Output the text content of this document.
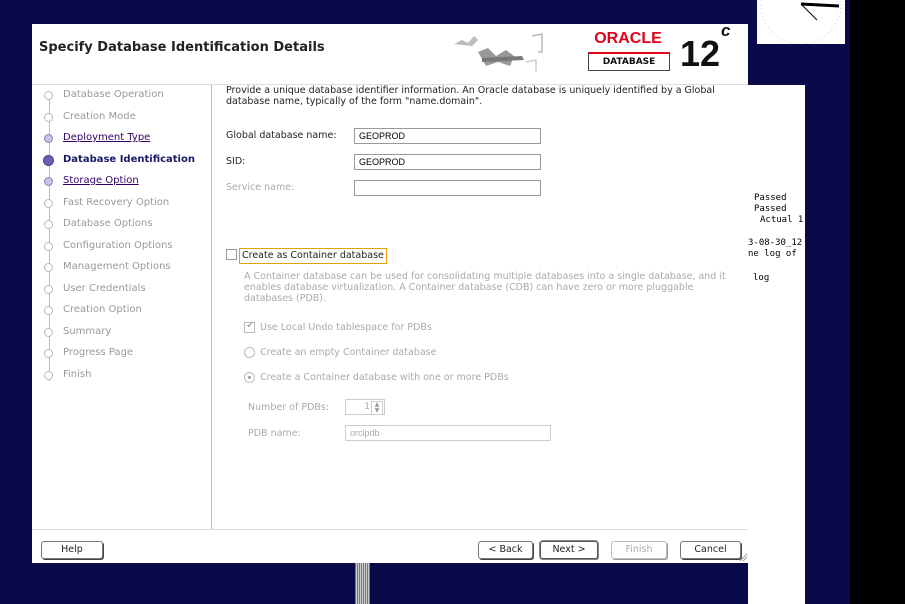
Passed
Passed
Actual 1
3-08-30_12
ne log of
log
Specify Database Identification Details
ORACLE
DATABASE 12$^c$
Database Operation
Creation Mode
Deployment Type
Database Identification
Storage Option
Fast Recovery Option
Database Options
Configuration Options
Management Options
User Credentials
Creation Option
Summary
Progress Page
Finish
Provide a unique database identifier information. An Oracle database is uniquely identified by a Global database name, typically of the form "name.domain".
Global database name:
GEOPROD
SID:
GEOPROD
Service name:
Create as Container database
A Container database can be used for consolidating multiple databases into a single database, and it enables database virtualization. A Container database (CDB) can have zero or more pluggable databases (PDB).
✓ Use Local Undo tablespace for PDBs
Create an empty Container database
Create a Container database with one or more PDBs
Number of PDBs:	1 ▲
▼
PDB name:
orclpdb
Help	< Back	Next >	Finish	Cancel
